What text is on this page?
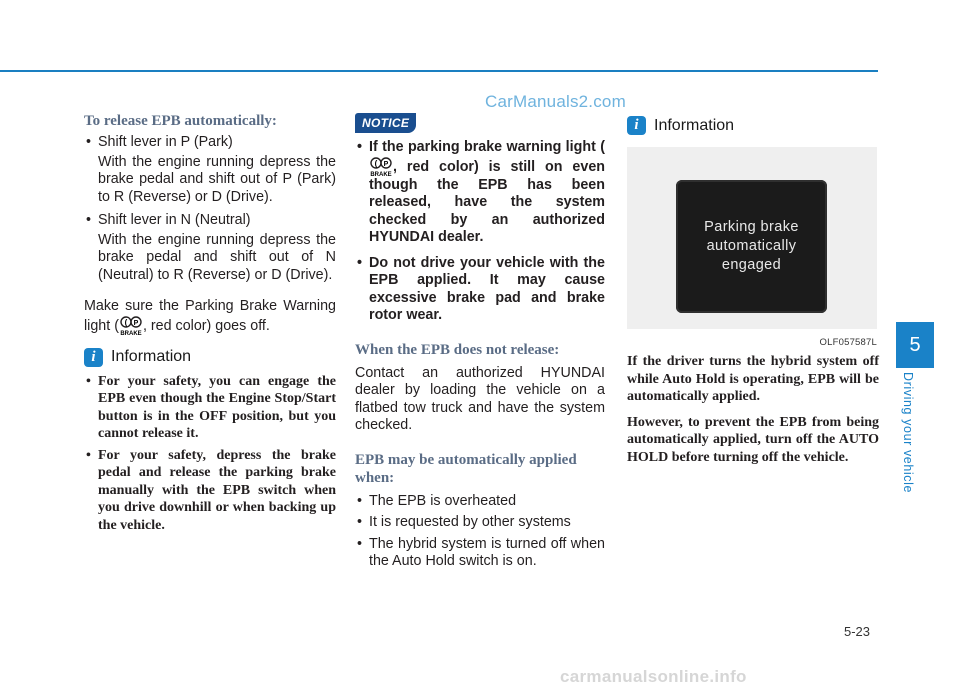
CarManuals2.com
To release EPB automatically:
• Shift lever in P (Park)
With the engine running depress the brake pedal and shift out of P (Park) to R (Reverse) or D (Drive).
• Shift lever in N (Neutral)
With the engine running depress the brake pedal and shift out of N (Neutral) to R (Reverse) or D (Drive).

Make sure the Parking Brake Warning light ( ( P
BRAKE
, red color) goes off.

i Information
• For your safety, you can engage the EPB even though the Engine Stop/Start button is in the OFF position, but you cannot release it.
• For your safety, depress the brake pedal and release the parking brake manually with the EPB switch when you drive downhill or when backing up the vehicle.
NOTICE
• If the parking brake warning light (
( P
BRAKE
, red color) is still on even though the EPB has been released, have the system checked by an authorized HYUNDAI dealer.
• Do not drive your vehicle with the EPB applied. It may cause excessive brake pad and brake rotor wear.
When the EPB does not release:

Contact an authorized HYUNDAI dealer by loading the vehicle on a flatbed tow truck and have the system checked.

EPB may be automatically applied when:
• The EPB is overheated
• It is requested by other systems
• The hybrid system is turned off when the Auto Hold switch is on.
i Information
Parking brake
automatically
engaged
OLF057587L

If the driver turns the hybrid system off while Auto Hold is operating, EPB will be automatically applied.

However, to prevent the EPB from being automatically applied, turn off the AUTO HOLD before turning off the vehicle.

5
Driving your vehicle
5-23
carmanualsonline.info
